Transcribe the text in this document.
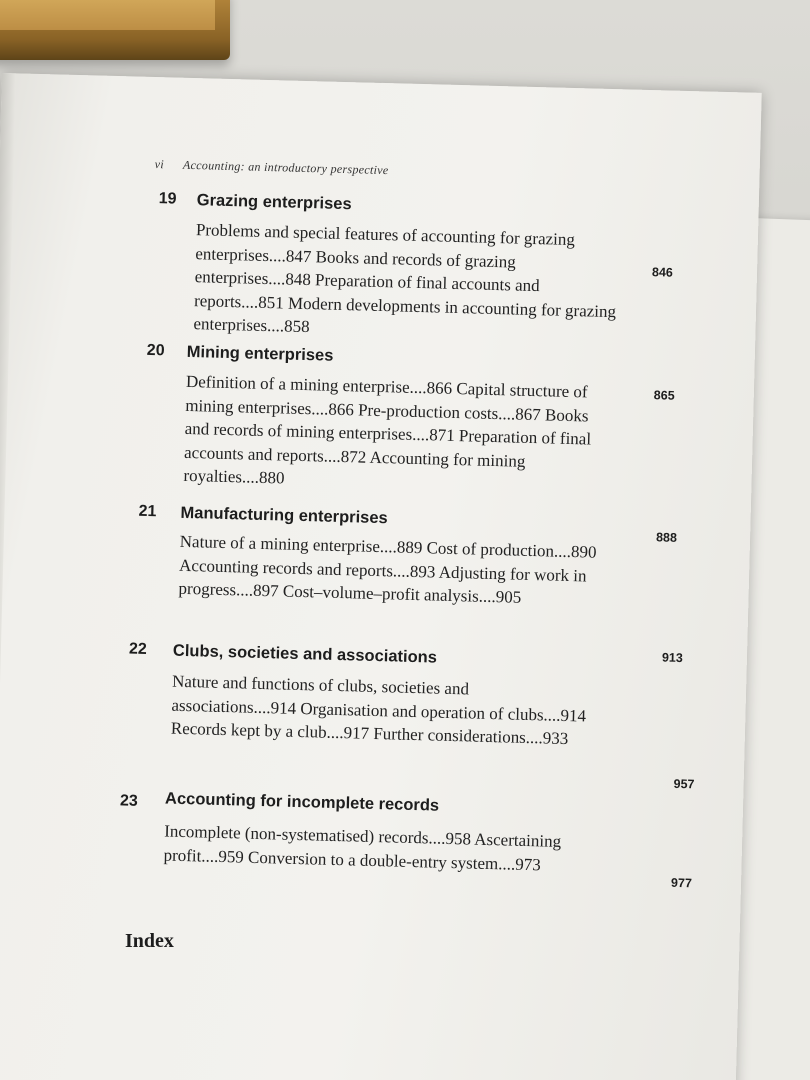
vi Accounting: an introductory perspective
19 Grazing enterprises
Problems and special features of accounting for grazing enterprises....847 Books and records of grazing enterprises....848 Preparation of final accounts and reports....851 Modern developments in accounting for grazing enterprises....858
846
20 Mining enterprises
Definition of a mining enterprise....866 Capital structure of mining enterprises....866 Pre-production costs....867 Books and records of mining enterprises....871 Preparation of final accounts and reports....872 Accounting for mining royalties....880
865
21 Manufacturing enterprises
Nature of a mining enterprise....889 Cost of production....890 Accounting records and reports....893 Adjusting for work in progress....897 Cost–volume–profit analysis....905
888
22 Clubs, societies and associations
Nature and functions of clubs, societies and associations....914 Organisation and operation of clubs....914 Records kept by a club....917 Further considerations....933
913
23 Accounting for incomplete records
Incomplete (non-systematised) records....958 Ascertaining profit....959 Conversion to a double-entry system....973
957
977
Index
